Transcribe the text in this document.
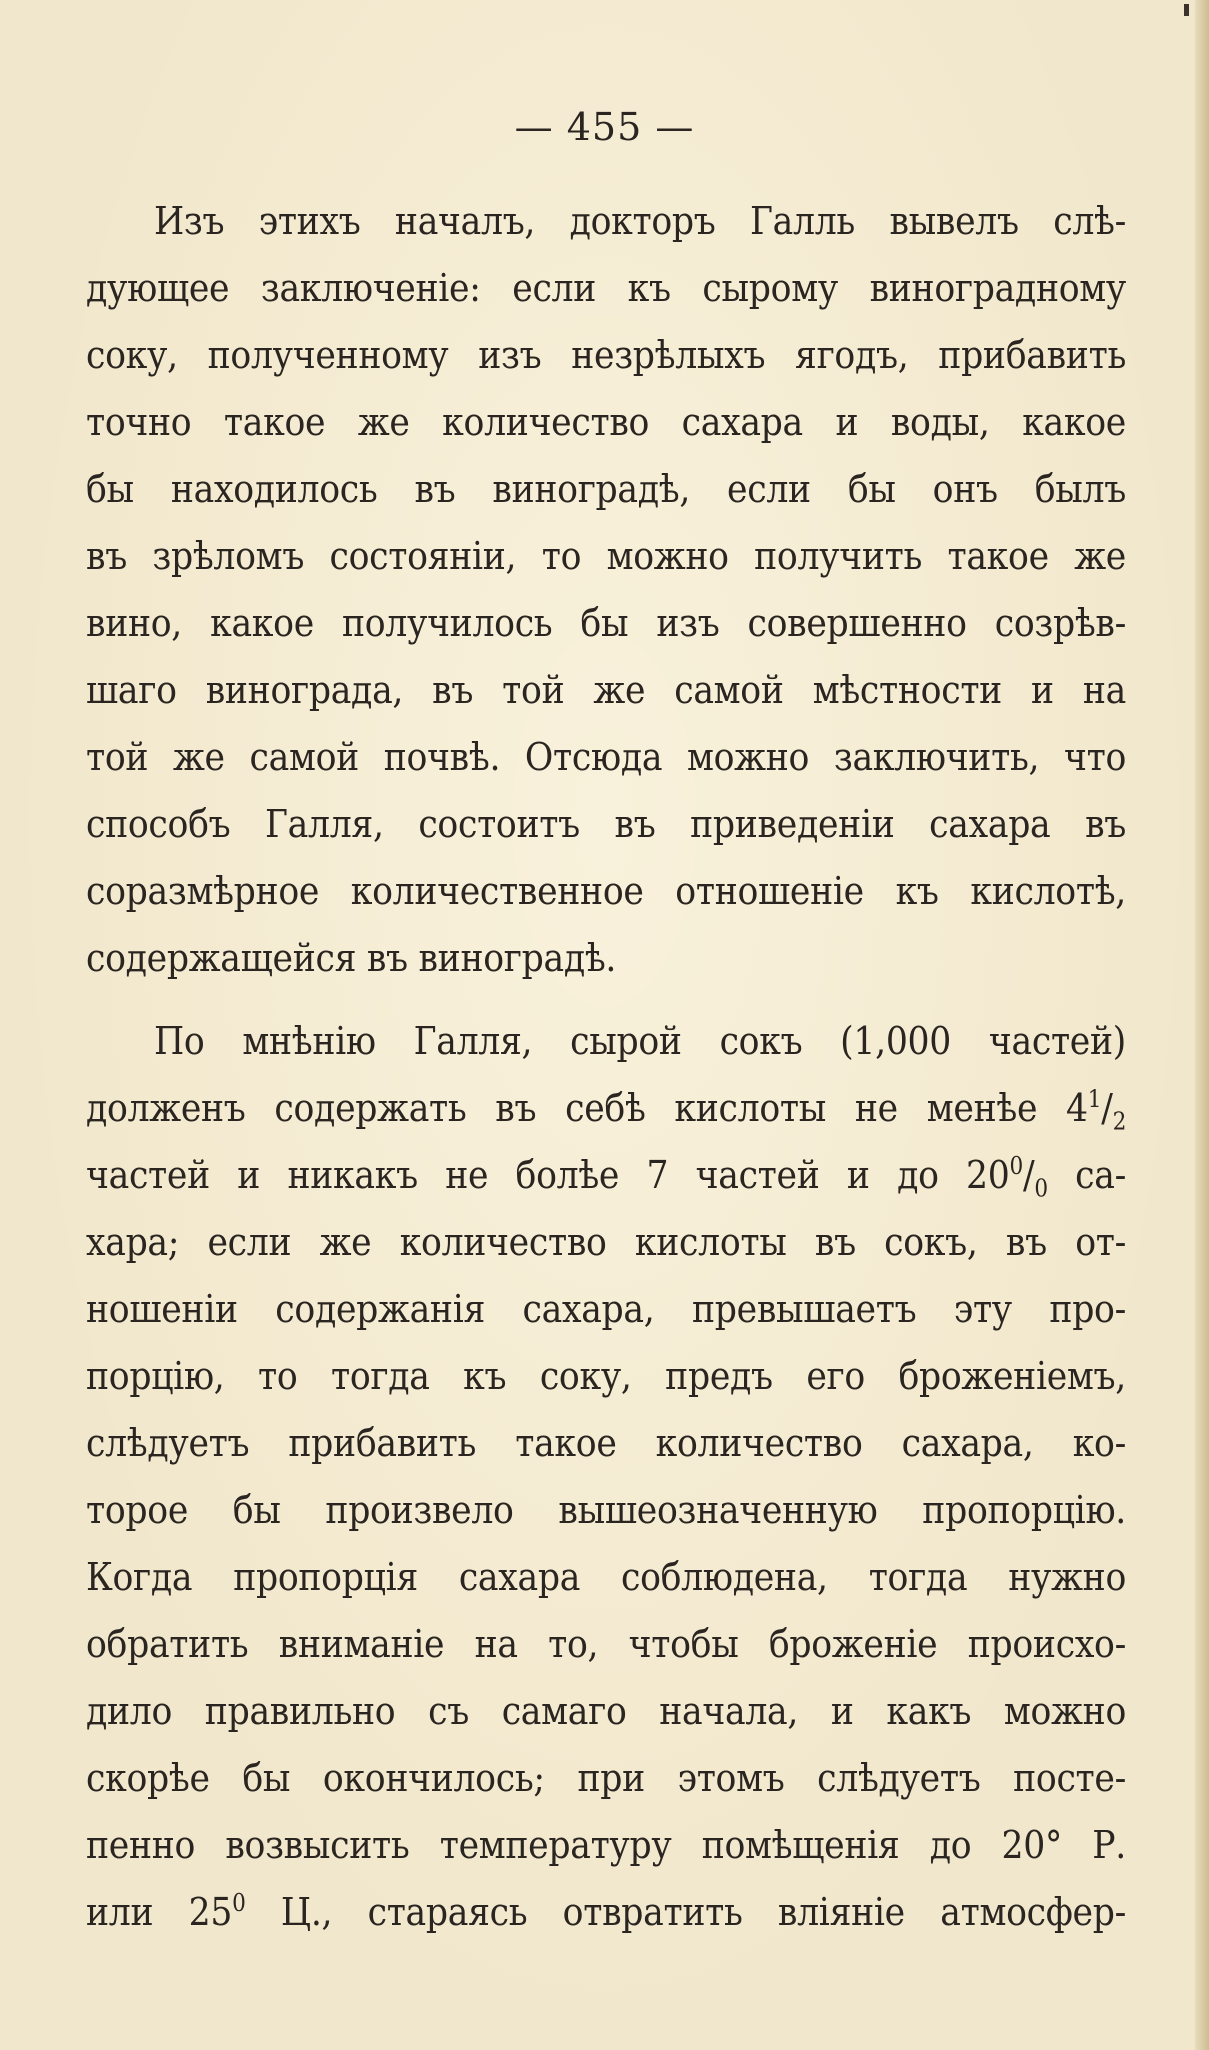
— 455 —
Изъ этихъ началъ, докторъ Галль вывелъ слѣ-
дующее заключеніе: если къ сырому виноградному
соку, полученному изъ незрѣлыхъ ягодъ, прибавить
точно такое же количество сахара и воды, какое
бы находилось въ виноградѣ, если бы онъ былъ
въ зрѣломъ состояніи, то можно получить такое же
вино, какое получилось бы изъ совершенно созрѣв-
шаго винограда, въ той же самой мѣстности и на
той же самой почвѣ. Отсюда можно заключить, что
способъ Галля, состоитъ въ приведеніи сахара въ
соразмѣрное количественное отношеніе къ кислотѣ,
содержащейся въ виноградѣ.
По мнѣнію Галля, сырой сокъ (1,000 частей)
долженъ содержать въ себѣ кислоты не менѣе $4^1/_2$
частей и никакъ не болѣе 7 частей и до $20^0/_0$ са-
хара; если же количество кислоты въ сокъ, въ от-
ношеніи содержанія сахара, превышаетъ эту про-
порцію, то тогда къ соку, предъ его броженіемъ,
слѣдуетъ прибавить такое количество сахара, ко-
торое бы произвело вышеозначенную пропорцію.
Когда пропорція сахара соблюдена, тогда нужно
обратить вниманіе на то, чтобы броженіе происхо-
дило правильно съ самаго начала, и какъ можно
скорѣе бы окончилось; при этомъ слѣдуетъ посте-
пенно возвысить температуру помѣщенія до 20° Р.
или $25^0$ Ц., стараясь отвратить вліяніе атмосфер-
